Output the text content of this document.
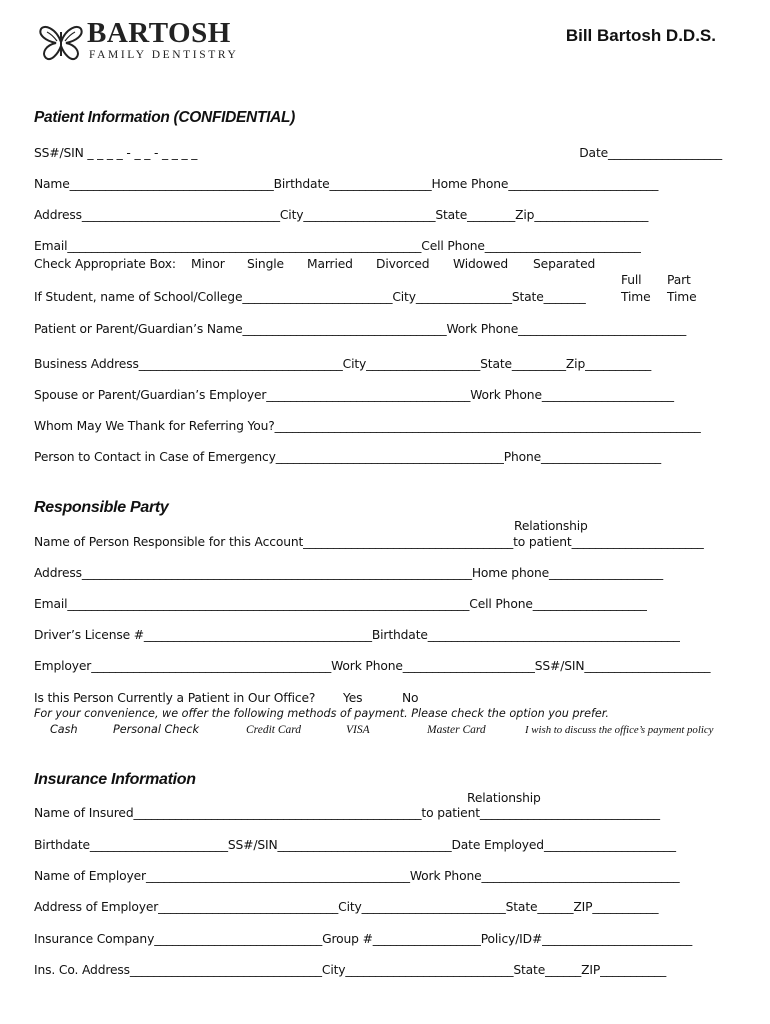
BARTOSH
FAMILY DENTISTRY
Bill Bartosh D.D.S.
Patient Information (CONFIDENTIAL)
SS#/SIN _ _ _ _ - _ _ - _ _ _ _	Date___________________
Name__________________________________Birthdate_________________Home Phone_________________________
Address_________________________________City______________________State________Zip___________________
Email___________________________________________________________Cell Phone__________________________
Check Appropriate Box: Minor Single Married Divorced Widowed Separated
Full
Time
Part
Time
If Student, name of School/College_________________________City________________State_______
Patient or Parent/Guardian’s Name__________________________________Work Phone____________________________
Business Address__________________________________City___________________State_________Zip___________
Spouse or Parent/Guardian’s Employer__________________________________Work Phone______________________
Whom May We Thank for Referring You?_______________________________________________________________________
Person to Contact in Case of Emergency______________________________________Phone____________________
Responsible Party
Relationship
Name of Person Responsible for this Account___________________________________to patient______________________
Address_________________________________________________________________Home phone___________________
Email___________________________________________________________________Cell Phone___________________
Driver’s License #______________________________________Birthdate__________________________________________
Employer________________________________________Work Phone______________________SS#/SIN_____________________
Is this Person Currently a Patient in Our Office? Yes	No
For your convenience, we offer the following methods of payment. Please check the option you prefer.
Cash	Personal Check	Credit Card	VISA	Master Card	I wish to discuss the office’s payment policy
Insurance Information
Relationship
Name of Insured________________________________________________to patient______________________________
Birthdate_______________________SS#/SIN_____________________________Date Employed______________________
Name of Employer____________________________________________Work Phone_________________________________
Address of Employer______________________________City________________________State______ZIP___________
Insurance Company____________________________Group #__________________Policy/ID#_________________________
Ins. Co. Address________________________________City____________________________State______ZIP___________
